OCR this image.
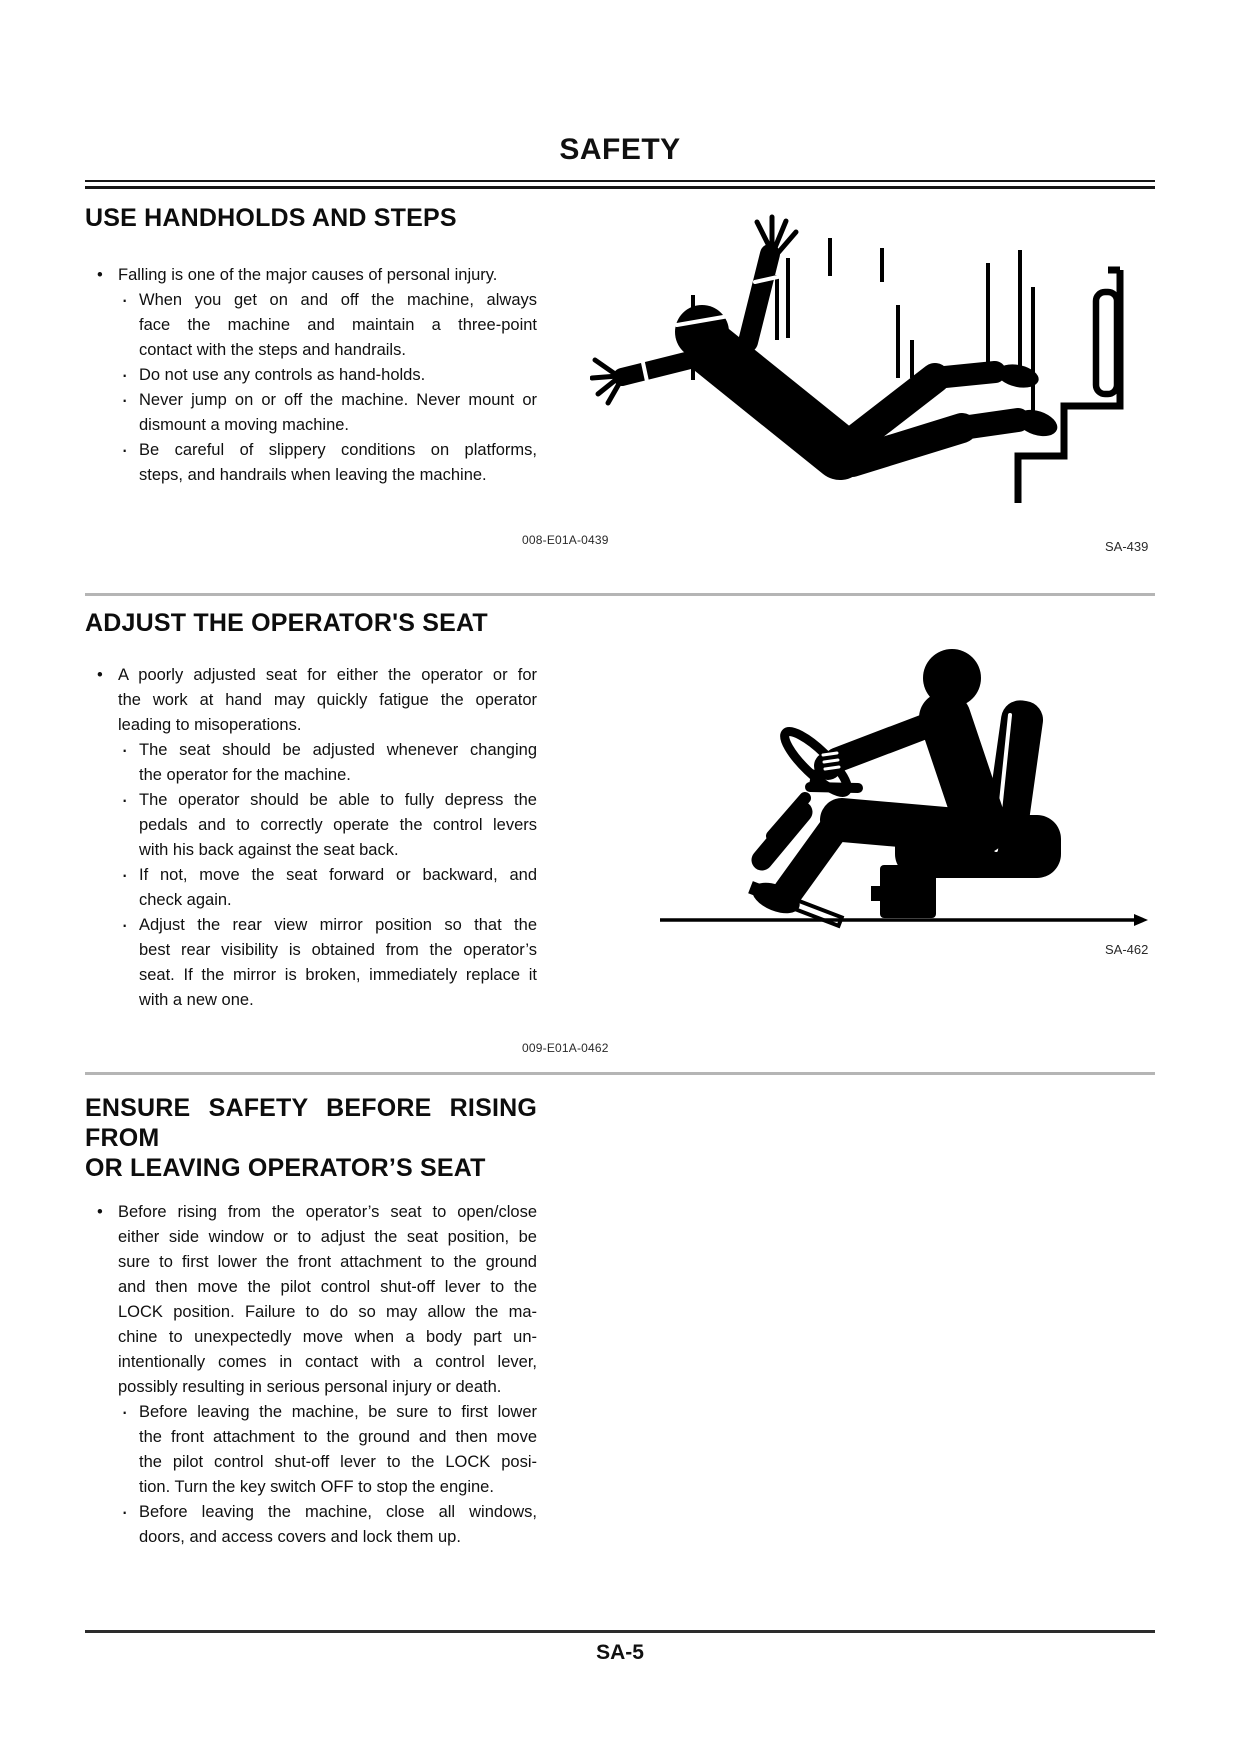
SAFETY
USE HANDHOLDS AND STEPS
• Falling is one of the major causes of personal injury.
· When you get on and off the machine, always
face the machine and maintain a three-point
contact with the steps and handrails.
· Do not use any controls as hand-holds.
· Never jump on or off the machine. Never mount or
dismount a moving machine.
· Be careful of slippery conditions on platforms,
steps, and handrails when leaving the machine.
008-E01A-0439	SA-439
ADJUST THE OPERATOR'S SEAT
• A poorly adjusted seat for either the operator or for
the work at hand may quickly fatigue the operator
leading to misoperations.
· The seat should be adjusted whenever changing
the operator for the machine.
· The operator should be able to fully depress the
pedals and to correctly operate the control levers
with his back against the seat back.
· If not, move the seat forward or backward, and
check again.
· Adjust the rear view mirror position so that the
best rear visibility is obtained from the operator’s
seat. If the mirror is broken, immediately replace it
with a new one.
009-E01A-0462
SA-462
ENSURE SAFETY BEFORE RISING FROM
OR LEAVING OPERATOR’S SEAT
• Before rising from the operator’s seat to open/close
either side window or to adjust the seat position, be
sure to first lower the front attachment to the ground
and then move the pilot control shut-off lever to the
LOCK position. Failure to do so may allow the ma-
chine to unexpectedly move when a body part un-
intentionally comes in contact with a control lever,
possibly resulting in serious personal injury or death.
· Before leaving the machine, be sure to first lower
the front attachment to the ground and then move
the pilot control shut-off lever to the LOCK posi-
tion. Turn the key switch OFF to stop the engine.
· Before leaving the machine, close all windows,
doors, and access covers and lock them up.
SA-5
